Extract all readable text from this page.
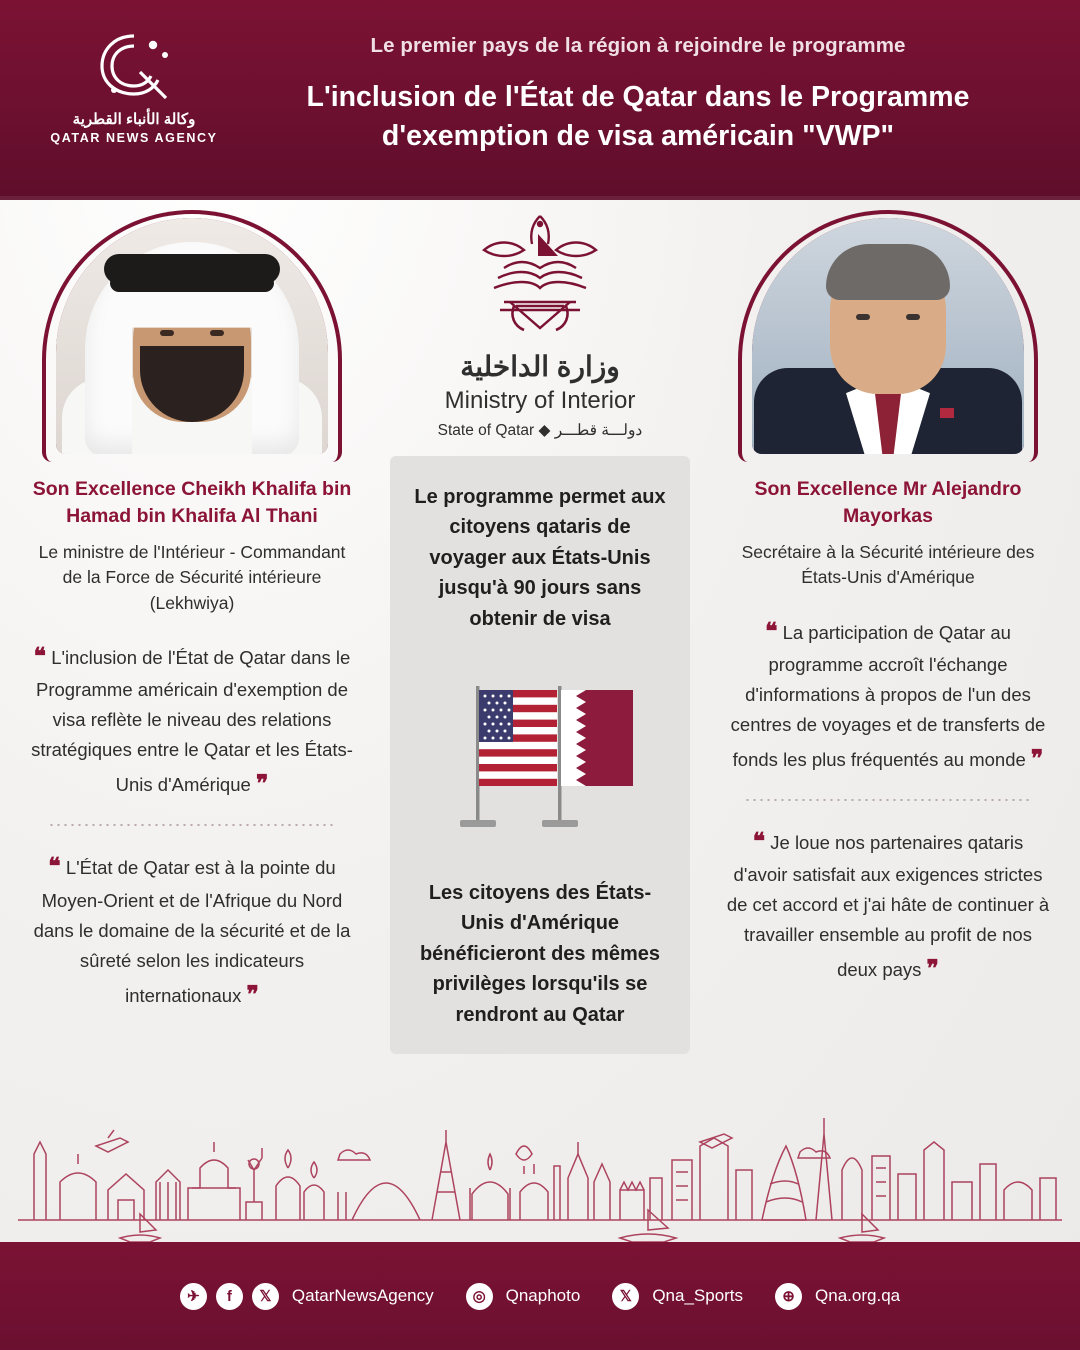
وكالة الأنباء القطرية
QATAR NEWS AGENCY
Le premier pays de la région à rejoindre le programme
L'inclusion de l'État de Qatar dans le Programme
d'exemption de visa américain "VWP"
Son Excellence Cheikh Khalifa bin Hamad bin Khalifa Al Thani
Le ministre de l'Intérieur - Commandant de la Force de Sécurité intérieure (Lekhwiya)
❝ L'inclusion de l'État de Qatar dans le Programme américain d'exemption de visa reflète le niveau des relations stratégiques entre le Qatar et les États-Unis d'Amérique ❞
❝ L'État de Qatar est à la pointe du Moyen-Orient et de l'Afrique du Nord dans le domaine de la sécurité et de la sûreté selon les indicateurs internationaux ❞
وزارة الداخلية
Ministry of Interior
State of Qatar ◆ دولـــة قطـــر
Le programme permet aux citoyens qataris de voyager aux États-Unis jusqu'à 90 jours sans obtenir de visa
Les citoyens des États-Unis d'Amérique bénéficieront des mêmes privilèges lorsqu'ils se rendront au Qatar
Son Excellence Mr Alejandro Mayorkas
Secrétaire à la Sécurité intérieure des États-Unis d'Amérique
❝ La participation de Qatar au programme accroît l'échange d'informations à propos de l'un des centres de voyages et de transferts de fonds les plus fréquentés au monde ❞
❝ Je loue nos partenaires qataris d'avoir satisfait aux exigences strictes de cet accord et j'ai hâte de continuer à travailler ensemble au profit de nos deux pays ❞
✈	f	𝕏	QatarNewsAgency	◎	Qnaphoto	𝕏	Qna_Sports	⊕	Qna.org.qa
